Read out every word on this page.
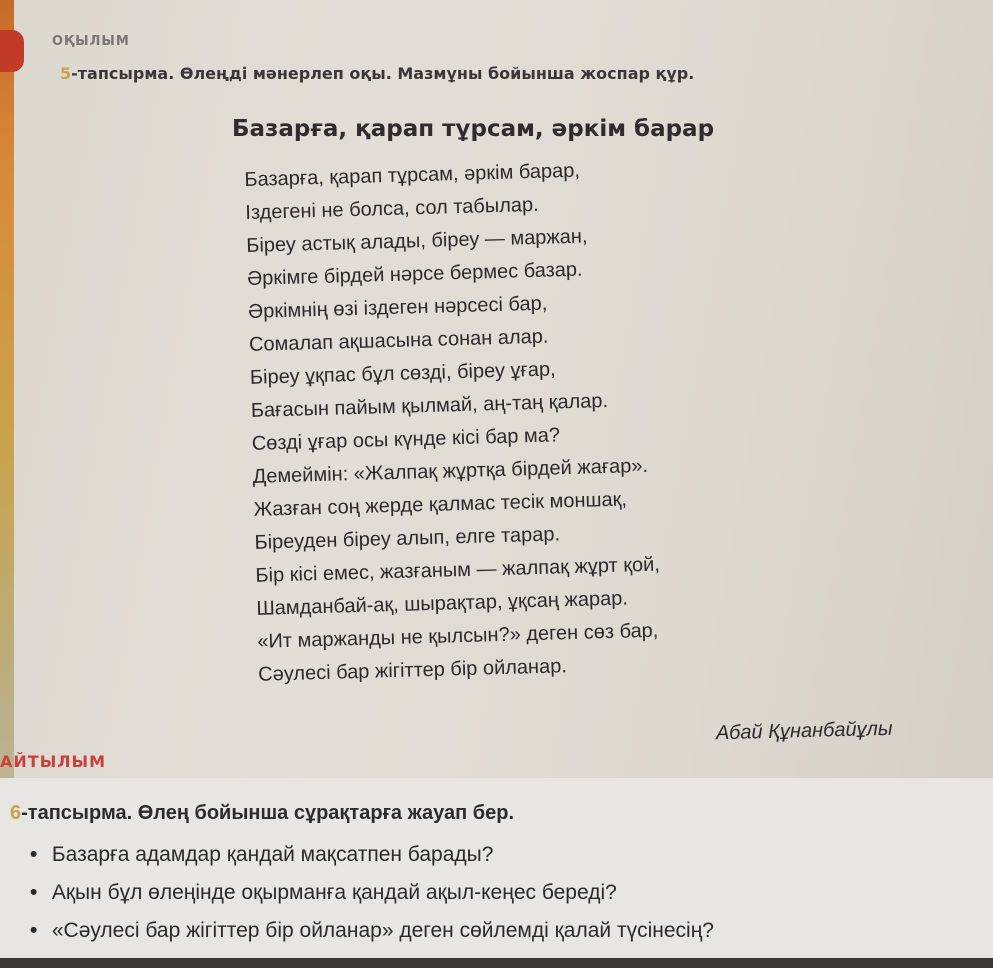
ОҚЫЛЫМ
5-тапсырма. Өлеңді мәнерлеп оқы. Мазмұны бойынша жоспар құр.
Базарға, қарап тұрсам, әркім барар
Базарға, қарап тұрсам, әркім барар,
Іздегені не болса, сол табылар.
Біреу астық алады, біреу — маржан,
Әркімге бірдей нәрсе бермес базар.
Әркімнің өзі іздеген нәрсесі бар,
Сомалап ақшасына сонан алар.
Біреу ұқпас бұл сөзді, біреу ұғар,
Бағасын пайым қылмай, аң-таң қалар.
Сөзді ұғар осы күнде кісі бар ма?
Демеймін: «Жалпақ жұртқа бірдей жағар».
Жазған соң жерде қалмас тесік моншақ,
Біреуден біреу алып, елге тарар.
Бір кісі емес, жазғаным — жалпақ жұрт қой,
Шамданбай-ақ, шырақтар, ұқсаң жарар.
«Ит маржанды не қылсын?» деген сөз бар,
Сәулесі бар жігіттер бір ойланар.
Абай Құнанбайұлы
АЙТЫЛЫМ
6-тапсырма. Өлең бойынша сұрақтарға жауап бер.
• Базарға адамдар қандай мақсатпен барады?
• Ақын бұл өлеңінде оқырманға қандай ақыл-кеңес береді?
• «Сәулесі бар жігіттер бір ойланар» деген сөйлемді қалай түсінесің?
